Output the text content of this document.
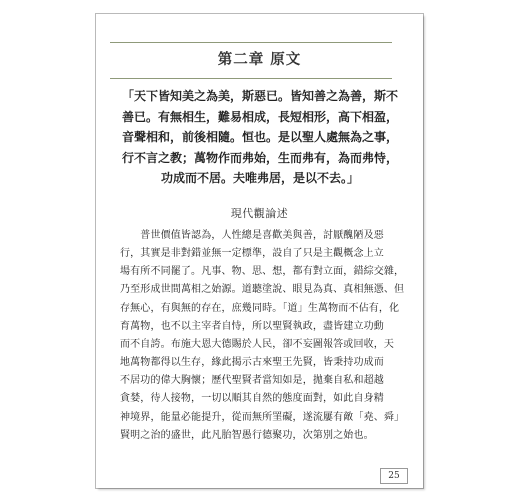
第二章 原文
「天下皆知美之為美，斯惡已。皆知善之為善，斯不
善已。有無相生，難易相成，長短相形，高下相盈，
音聲相和，前後相隨。恒也。是以聖人處無為之事，
行不言之教；萬物作而弗始，生而弗有，為而弗恃，
功成而不居。夫唯弗居，是以不去。」
現代觀論述
　　普世價值皆認為，人性總是喜歡美與善，討厭醜陋及惡
行，其實是非對錯並無一定標準，設自了只是主觀概念上立
場有所不同罷了。凡事、物、思、想，都有對立面，錯綜交雜，
乃至形成世間萬相之始源。道聽塗說、眼見為真、真相無憑、但
存無心，有與無的存在，庶幾同時。「道」生萬物而不佔有，化
育萬物，也不以主宰者自恃，所以聖賢執政，盡皆建立功動
而不自誇。布施大恩大德賜於人民，卻不妄圖報答或回收，天
地萬物都得以生存，緣此揭示古來聖王先賢，皆秉持功成而
不居功的偉大胸懷；歷代聖賢者當知如是，拋棄自私和超越
貪婪，待人接物，一切以順其自然的態度面對，如此自身精
神境界，能量必能提升，從而無所罣礙，遂流屢有敵「堯、舜」
賢明之治的盛世，此凡胎智愚行德聚功，次第別之始也。
25
